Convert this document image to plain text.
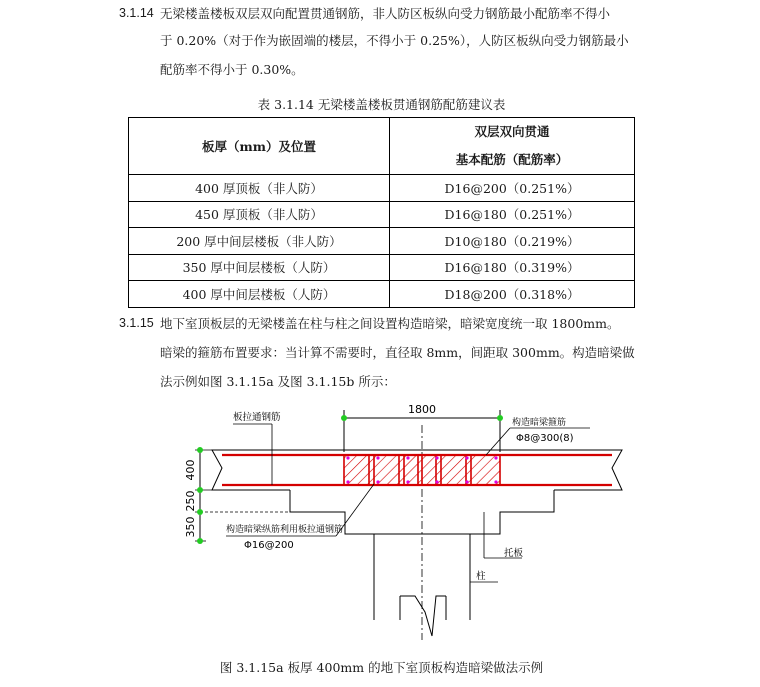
3.1.14 无梁楼盖楼板双层双向配置贯通钢筋，非人防区板纵向受力钢筋最小配筋率不得小
于 0.20%（对于作为嵌固端的楼层，不得小于 0.25%），人防区板纵向受力钢筋最小
配筋率不得小于 0.30%。
表 3.1.14 无梁楼盖楼板贯通钢筋配筋建议表
板厚（mm）及位置	双层双向贯通
基本配筋（配筋率）

400 厚顶板（非人防）	D16@200（0.251%）
450 厚顶板（非人防）	D16@180（0.251%）
200 厚中间层楼板（非人防）	D10@180（0.219%）
350 厚中间层楼板（人防）	D16@180（0.319%）
400 厚中间层楼板（人防）	D18@200（0.318%）
3.1.15 地下室顶板层的无梁楼盖在柱与柱之间设置构造暗梁，暗梁宽度统一取 1800mm。
暗梁的箍筋布置要求：当计算不需要时，直径取 8mm，间距取 300mm。构造暗梁做
法示例如图 3.1.15a 及图 3.1.15b 所示：
1800
400
250
350
板拉通钢筋	构造暗梁箍筋
Φ8@300(8)
构造暗梁纵筋利用板拉通钢筋
Φ16@200
托板
柱
图 3.1.15a 板厚 400mm 的地下室顶板构造暗梁做法示例
